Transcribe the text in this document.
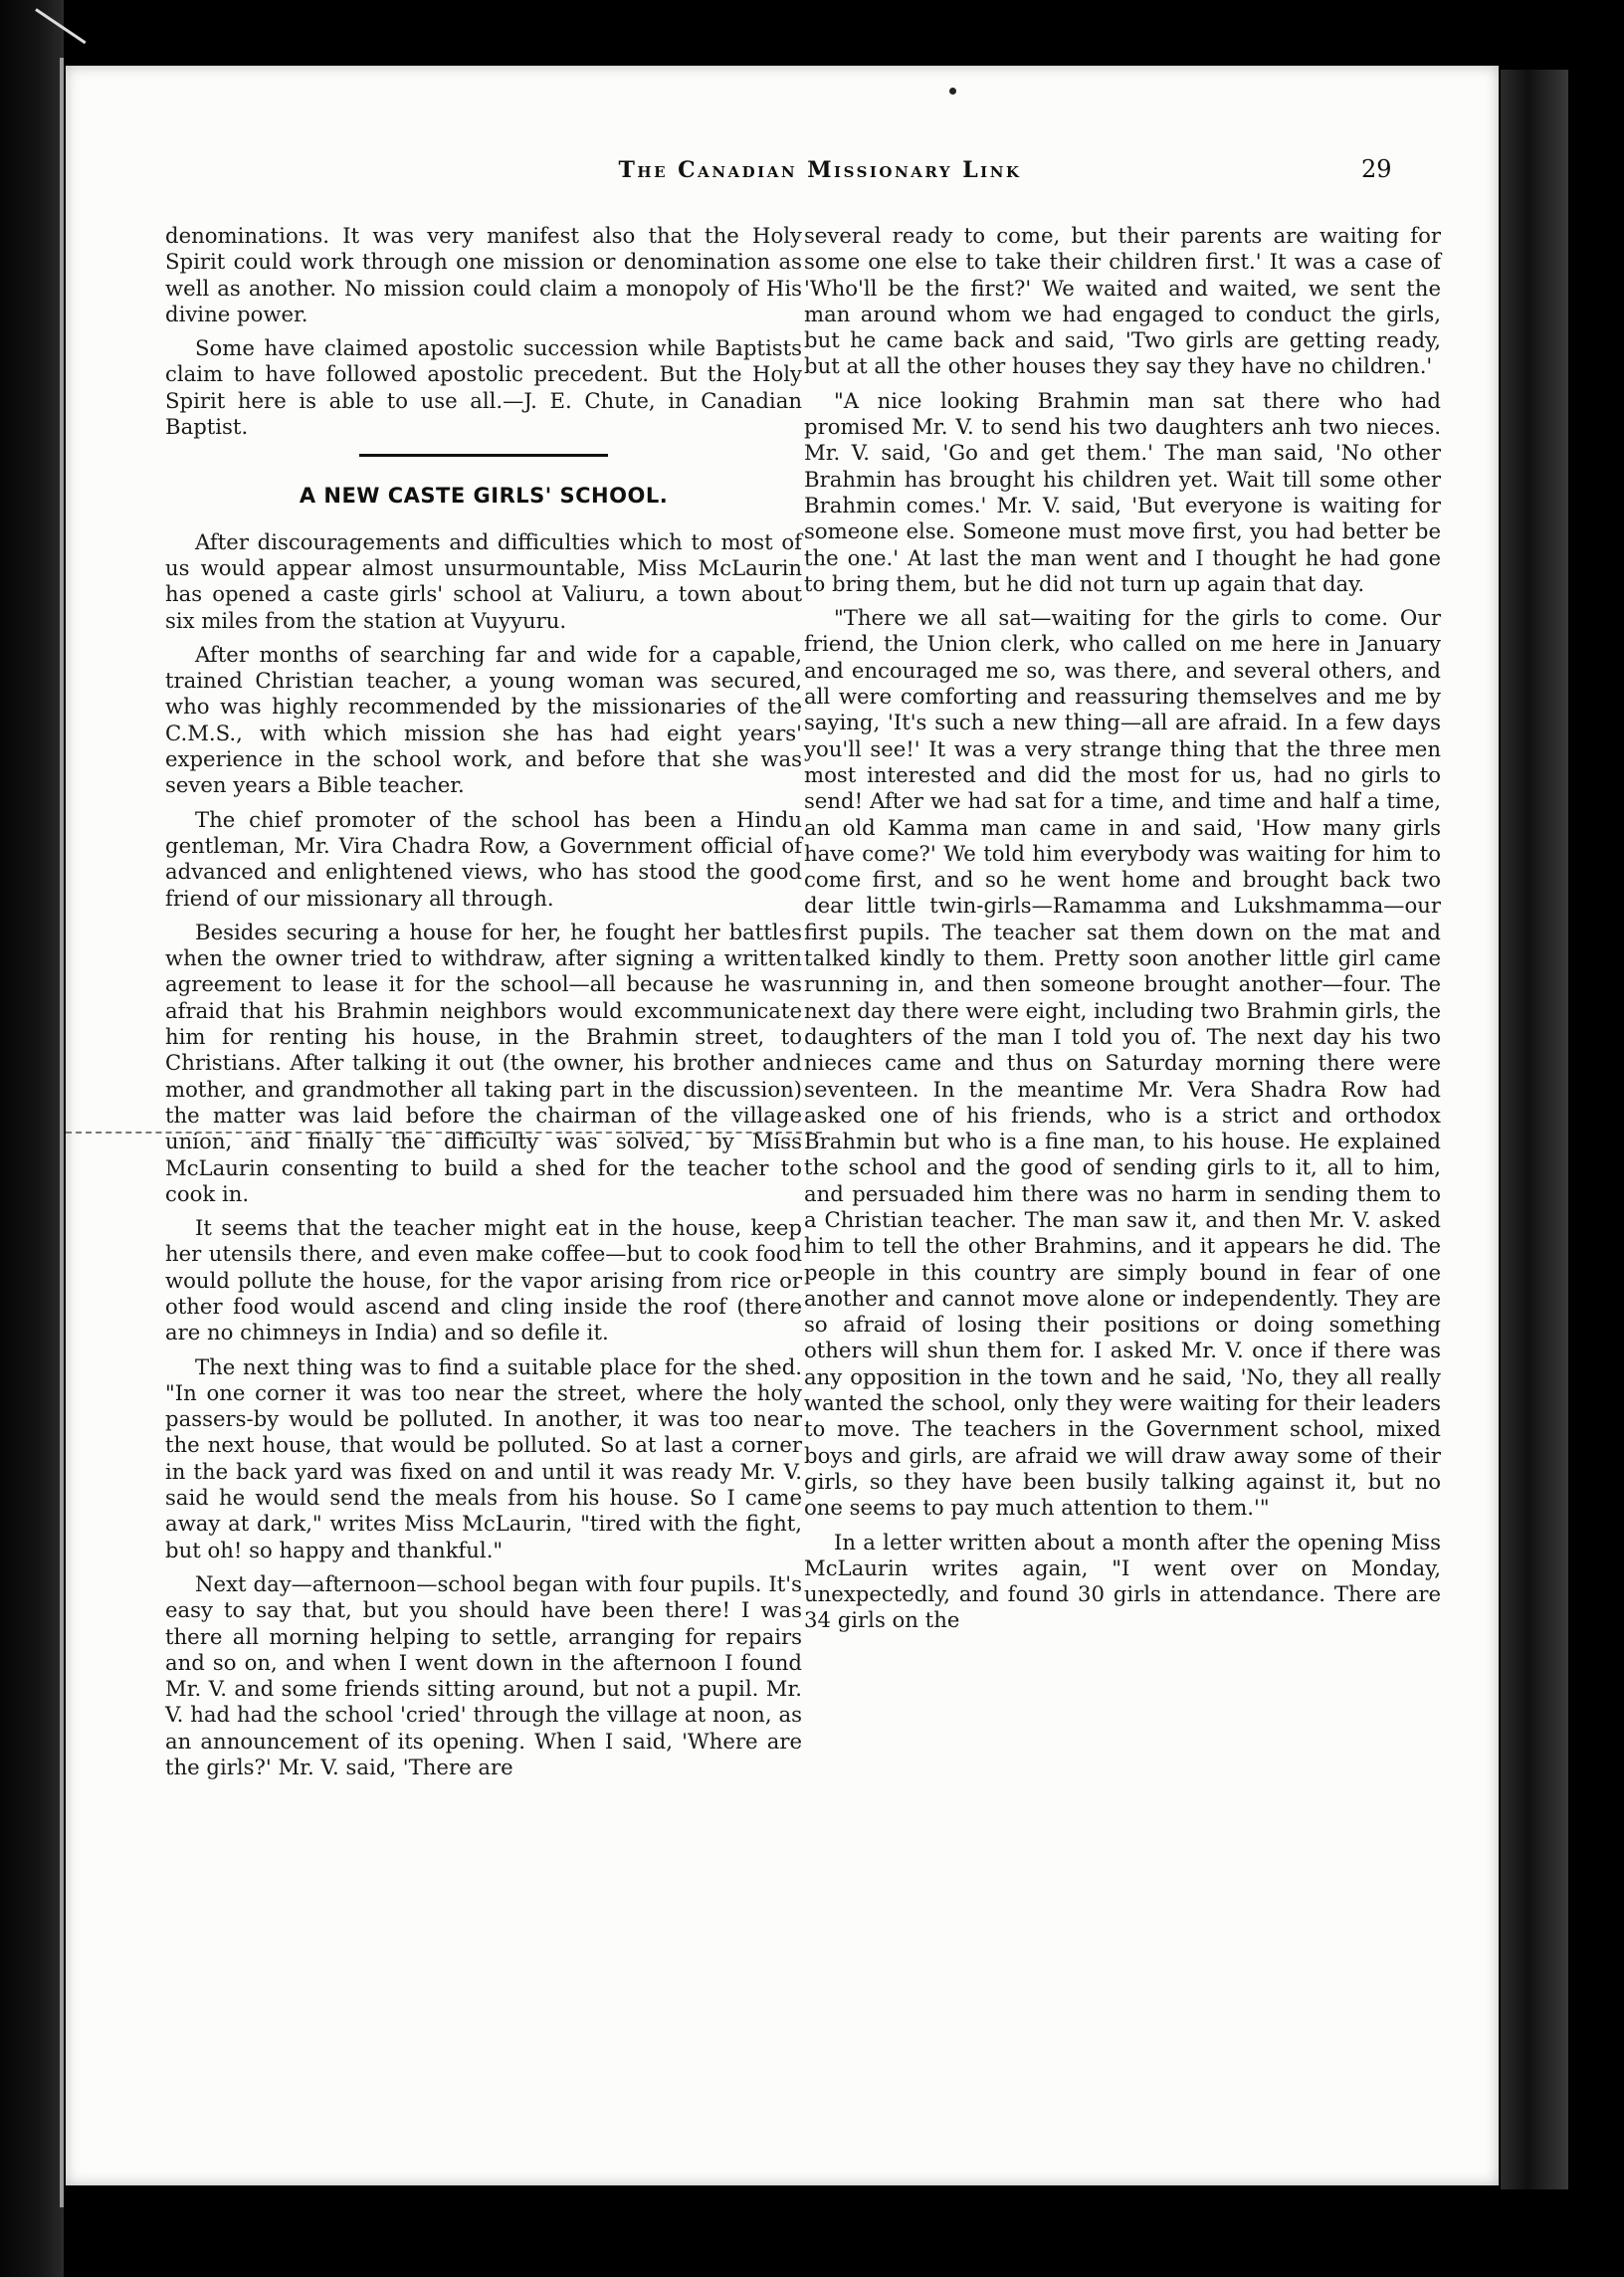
The Canadian Missionary Link	29

denominations. It was very manifest also that the Holy Spirit could work through one mission or denomination as well as another. No mission could claim a monopoly of His divine power.

Some have claimed apostolic succession while Baptists claim to have followed apostolic precedent. But the Holy Spirit here is able to use all.—J. E. Chute, in Canadian Baptist.

A NEW CASTE GIRLS' SCHOOL.

After discouragements and difficulties which to most of us would appear almost unsurmountable, Miss McLaurin has opened a caste girls' school at Valiuru, a town about six miles from the station at Vuyyuru.

After months of searching far and wide for a capable, trained Christian teacher, a young woman was secured, who was highly recommended by the missionaries of the C.M.S., with which mission she has had eight years' experience in the school work, and before that she was seven years a Bible teacher.

The chief promoter of the school has been a Hindu gentleman, Mr. Vira Chadra Row, a Government official of advanced and enlightened views, who has stood the good friend of our missionary all through.

Besides securing a house for her, he fought her battles when the owner tried to withdraw, after signing a written agreement to lease it for the school—all because he was afraid that his Brahmin neighbors would excommunicate him for renting his house, in the Brahmin street, to Christians. After talking it out (the owner, his brother and mother, and grandmother all taking part in the discussion) the matter was laid before the chairman of the village union, and finally the difficulty was solved, by Miss McLaurin consenting to build a shed for the teacher to cook in.

It seems that the teacher might eat in the house, keep her utensils there, and even make coffee—but to cook food would pollute the house, for the vapor arising from rice or other food would ascend and cling inside the roof (there are no chimneys in India) and so defile it.

The next thing was to find a suitable place for the shed. "In one corner it was too near the street, where the holy passers-by would be polluted. In another, it was too near the next house, that would be polluted. So at last a corner in the back yard was fixed on and until it was ready Mr. V. said he would send the meals from his house. So I came away at dark," writes Miss McLaurin, "tired with the fight, but oh! so happy and thankful."

Next day—afternoon—school began with four pupils. It's easy to say that, but you should have been there! I was there all morning helping to settle, arranging for repairs and so on, and when I went down in the afternoon I found Mr. V. and some friends sitting around, but not a pupil. Mr. V. had had the school 'cried' through the village at noon, as an announcement of its opening. When I said, 'Where are the girls?' Mr. V. said, 'There are

several ready to come, but their parents are waiting for some one else to take their children first.' It was a case of 'Who'll be the first?' We waited and waited, we sent the man around whom we had engaged to conduct the girls, but he came back and said, 'Two girls are getting ready, but at all the other houses they say they have no children.'

"A nice looking Brahmin man sat there who had promised Mr. V. to send his two daughters anh two nieces. Mr. V. said, 'Go and get them.' The man said, 'No other Brahmin has brought his children yet. Wait till some other Brahmin comes.' Mr. V. said, 'But everyone is waiting for someone else. Someone must move first, you had better be the one.' At last the man went and I thought he had gone to bring them, but he did not turn up again that day.

"There we all sat—waiting for the girls to come. Our friend, the Union clerk, who called on me here in January and encouraged me so, was there, and several others, and all were comforting and reassuring themselves and me by saying, 'It's such a new thing—all are afraid. In a few days you'll see!' It was a very strange thing that the three men most interested and did the most for us, had no girls to send! After we had sat for a time, and time and half a time, an old Kamma man came in and said, 'How many girls have come?' We told him everybody was waiting for him to come first, and so he went home and brought back two dear little twin-girls—Ramamma and Lukshmamma—our first pupils. The teacher sat them down on the mat and talked kindly to them. Pretty soon another little girl came running in, and then someone brought another—four. The next day there were eight, including two Brahmin girls, the daughters of the man I told you of. The next day his two nieces came and thus on Saturday morning there were seventeen. In the meantime Mr. Vera Shadra Row had asked one of his friends, who is a strict and orthodox Brahmin but who is a fine man, to his house. He explained the school and the good of sending girls to it, all to him, and persuaded him there was no harm in sending them to a Christian teacher. The man saw it, and then Mr. V. asked him to tell the other Brahmins, and it appears he did. The people in this country are simply bound in fear of one another and cannot move alone or independently. They are so afraid of losing their positions or doing something others will shun them for. I asked Mr. V. once if there was any opposition in the town and he said, 'No, they all really wanted the school, only they were waiting for their leaders to move. The teachers in the Government school, mixed boys and girls, are afraid we will draw away some of their girls, so they have been busily talking against it, but no one seems to pay much attention to them.'"

In a letter written about a month after the opening Miss McLaurin writes again, "I went over on Monday, unexpectedly, and found 30 girls in attendance. There are 34 girls on the
